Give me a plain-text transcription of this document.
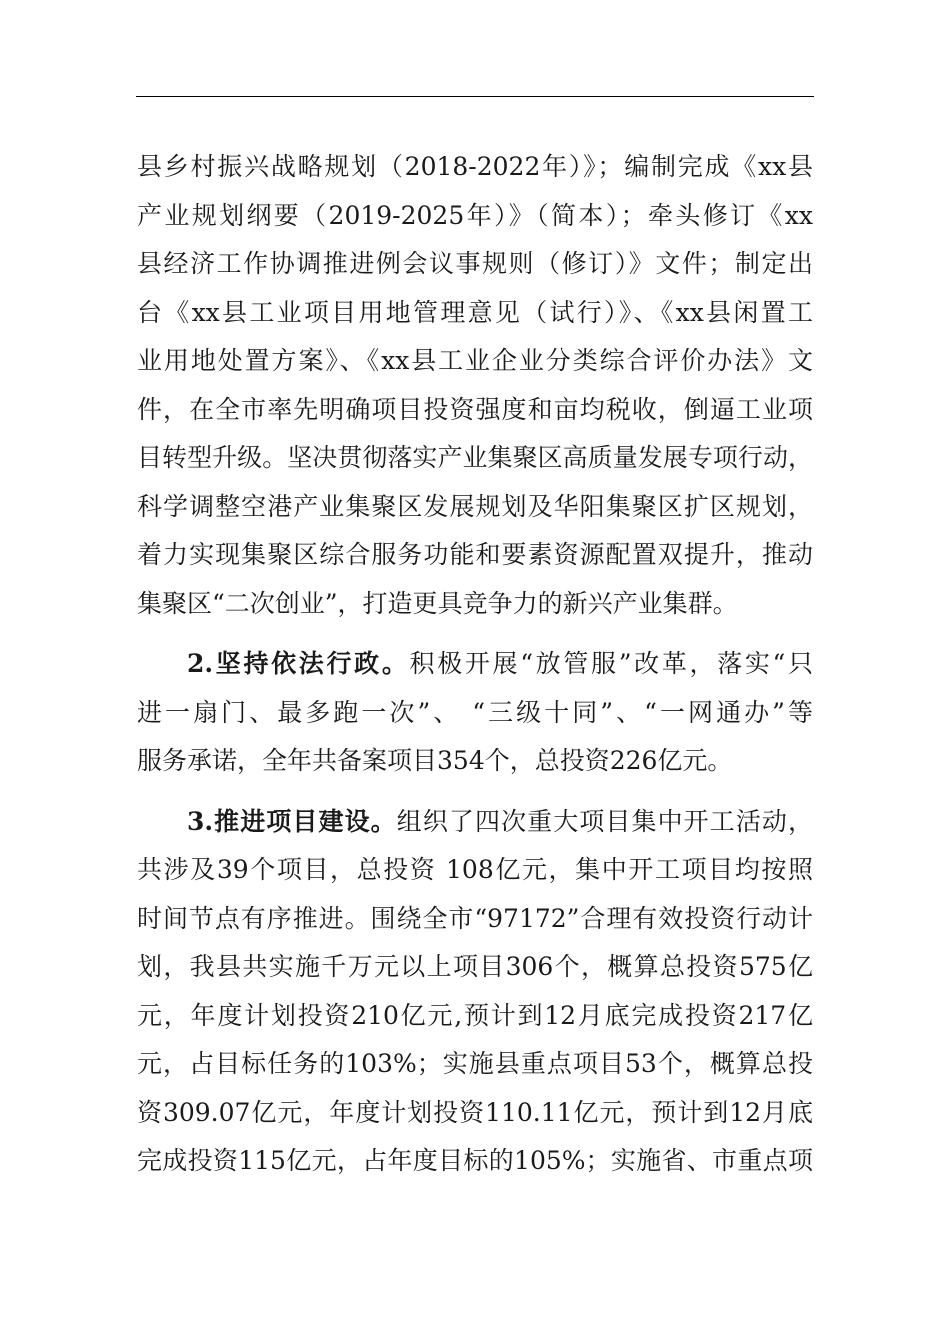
县乡村振兴战略规划（2018-2022年）》；编制完成《xx县
产业规划纲要（2019-2025年）》（简本）；牵头修订《xx
县经济工作协调推进例会议事规则（修订）》文件；制定出
台《xx县工业项目用地管理意见（试行）》、《xx县闲置工
业用地处置方案》、《xx县工业企业分类综合评价办法》文
件，在全市率先明确项目投资强度和亩均税收，倒逼工业项
目转型升级。坚决贯彻落实产业集聚区高质量发展专项行动，
科学调整空港产业集聚区发展规划及华阳集聚区扩区规划，
着力实现集聚区综合服务功能和要素资源配置双提升，推动
集聚区“二次创业”，打造更具竞争力的新兴产业集群。
2.坚持依法行政。积极开展“放管服”改革，落实“只
进一扇门、最多跑一次”、 “三级十同”、“一网通办”等
服务承诺，全年共备案项目354个，总投资226亿元。
3.推进项目建设。组织了四次重大项目集中开工活动，
共涉及39个项目，总投资 108亿元，集中开工项目均按照
时间节点有序推进。围绕全市“97172”合理有效投资行动计
划，我县共实施千万元以上项目306个，概算总投资575亿
元，年度计划投资210亿元,预计到12月底完成投资217亿
元，占目标任务的103%；实施县重点项目53个，概算总投
资309.07亿元，年度计划投资110.11亿元，预计到12月底
完成投资115亿元，占年度目标的105%；实施省、市重点项
